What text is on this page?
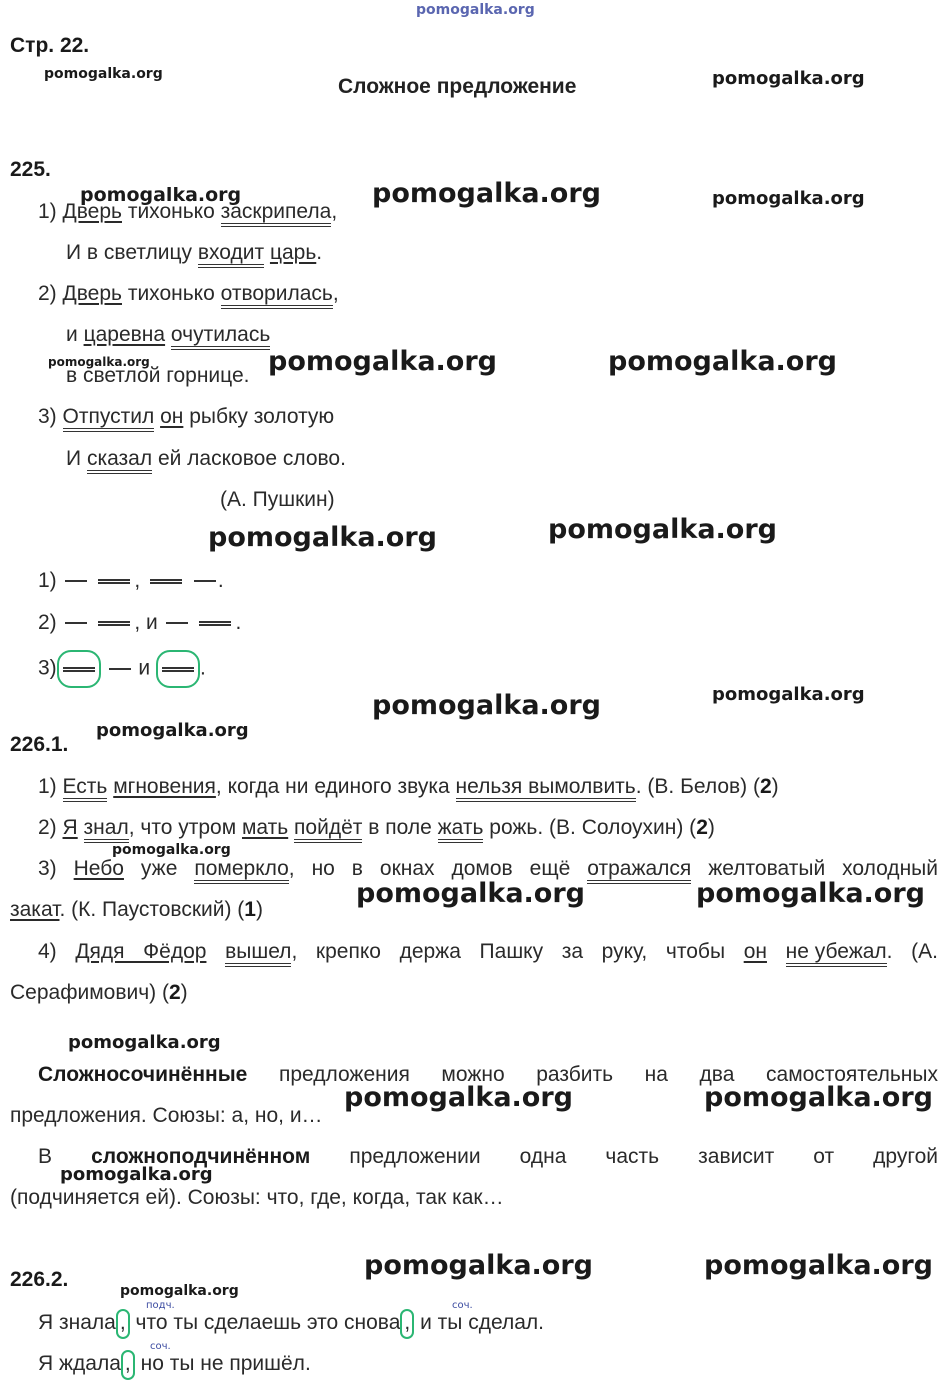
pomogalka.org
Стр. 22.
Сложное предложение
pomogalka.org	pomogalka.org
225.
pomogalka.org	pomogalka.org	pomogalka.org
1) Дверь тихонько заскрипела,
И в светлицу входит царь.
2) Дверь тихонько отворилась,
и царевна очутилась
pomogalka.org
в светлой горнице. pomogalka.org	pomogalka.org
3) Отпустил он рыбку золотую
И сказал ей ласковое слово.
(А. Пушкин)
pomogalka.org	pomogalka.org
1)	,	.
2)	, и	.
3)	и .
pomogalka.org	pomogalka.org
226.1.
pomogalka.org
1) Есть мгновения, когда ни единого звука нельзя вымолвить. (В. Белов) (2)
2) Я знал, что утром мать пойдёт в поле жать рожь. (В. Солоухин) (2)
pomogalka.org
3) Небо уже померкло, но в окнах домов ещё отражался желтоватый холодный
закат. (К. Паустовский) (1)
pomogalka.org	pomogalka.org
4) Дядя Фёдор вышел, крепко держа Пашку за руку, чтобы он не убежал. (А.
Серафимович) (2)
pomogalka.org
Сложносочинённые предложения можно разбить на два самостоятельных
предложения. Союзы: а, но, и…
pomogalka.org	pomogalka.org
В сложноподчинённом предложении одна часть зависит от другой
pomogalka.org
(подчиняется ей). Союзы: что, где, когда, так как…
226.2.	pomogalka.org	pomogalka.org
pomogalka.org
подч.	соч.
Я знала , что ты сделаешь это снова , и ты сделал.
соч.
Я ждала , но ты не пришёл.
